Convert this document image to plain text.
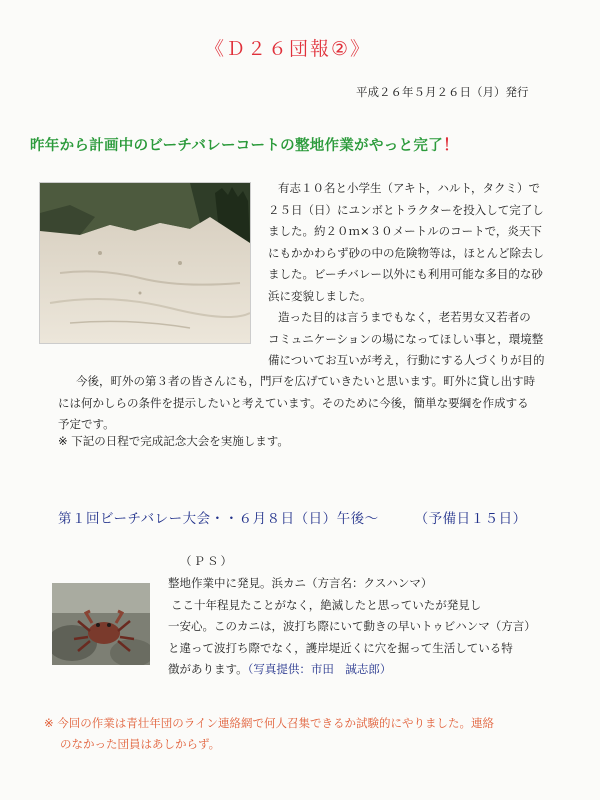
《Ｄ２６団報②》
平成２６年５月２６日（月）発行
昨年から計画中のビーチバレーコートの整地作業がやっと完了！
有志１０名と小学生（アキト，ハルト，タクミ）で
２５日（日）にユンボとトラクターを投入して完了し
ました。約２０ｍ×３０メートルのコートで，炎天下
にもかかわらず砂の中の危険物等は，ほとんど除去し
ました。ビーチバレー以外にも利用可能な多目的な砂
浜に変貌しました。
造った目的は言うまでもなく，老若男女又若者の
コミュニケーションの場になってほしい事と，環境整
備についてお互いが考え，行動にする人づくりが目的
今後，町外の第３者の皆さんにも，門戸を広げていきたいと思います。町外に貸し出す時
には何かしらの条件を提示したいと考えています。そのために今後，簡単な要綱を作成する
予定です。
※ 下記の日程で完成記念大会を実施します。
第１回ビーチバレー大会・・６月８日（日）午後～	（予備日１５日）
（ＰＳ）
整地作業中に発見。浜カニ（方言名：クスハンマ）
ここ十年程見たことがなく，絶滅したと思っていたが発見し
一安心。このカニは，波打ち際にいて動きの早いトゥビハンマ（方言）
と違って波打ち際でなく，護岸堤近くに穴を掘って生活している特
徴があります。（写真提供：市田　誠志郎）
※ 今回の作業は青壮年団のライン連絡網で何人召集できるか試験的にやりました。連絡
のなかった団員はあしからず。
